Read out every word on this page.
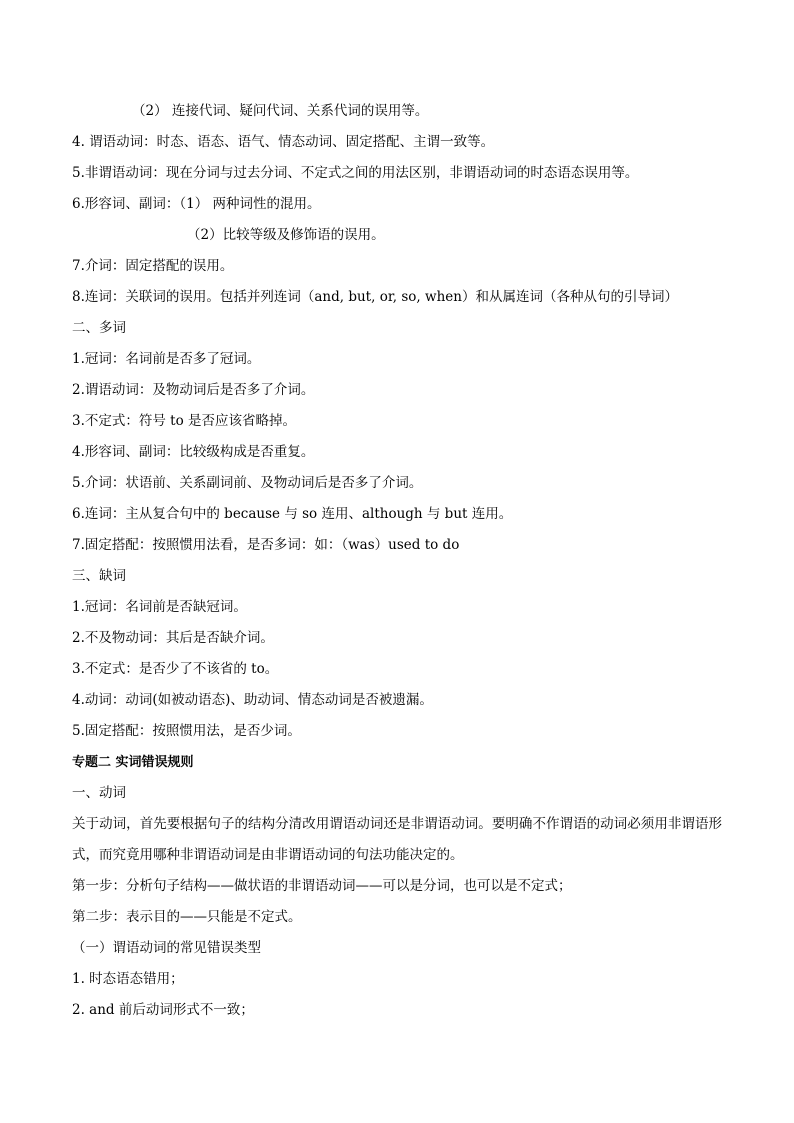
（2） 连接代词、疑问代词、关系代词的误用等。
4. 谓语动词：时态、语态、语气、情态动词、固定搭配、主谓一致等。
5.非谓语动词：现在分词与过去分词、不定式之间的用法区别，非谓语动词的时态语态误用等。
6.形容词、副词：（1） 两种词性的混用。
（2）比较等级及修饰语的误用。
7.介词：固定搭配的误用。
8.连词：关联词的误用。包括并列连词（and, but, or, so, when）和从属连词（各种从句的引导词）
二、多词
1.冠词：名词前是否多了冠词。
2.谓语动词：及物动词后是否多了介词。
3.不定式：符号 to 是否应该省略掉。
4.形容词、副词：比较级构成是否重复。
5.介词：状语前、关系副词前、及物动词后是否多了介词。
6.连词：主从复合句中的 because 与 so 连用、although 与 but 连用。
7.固定搭配：按照惯用法看，是否多词：如：（was）used to do
三、缺词
1.冠词：名词前是否缺冠词。
2.不及物动词：其后是否缺介词。
3.不定式：是否少了不该省的 to。
4.动词：动词(如被动语态)、助动词、情态动词是否被遗漏。
5.固定搭配：按照惯用法，是否少词。
专题二 实词错误规则
一、动词
关于动词，首先要根据句子的结构分清改用谓语动词还是非谓语动词。要明确不作谓语的动词必须用非谓语形式，而究竟用哪种非谓语动词是由非谓语动词的句法功能决定的。
第一步：分析句子结构——做状语的非谓语动词——可以是分词，也可以是不定式；
第二步：表示目的——只能是不定式。
（一）谓语动词的常见错误类型
1. 时态语态错用；
2. and 前后动词形式不一致；
